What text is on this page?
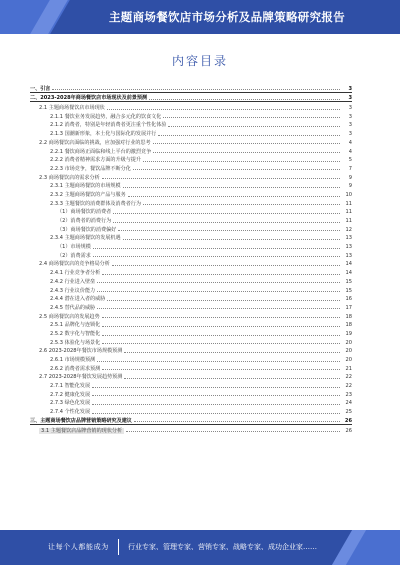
主题商场餐饮店市场分析及品牌策略研究报告
内容目录
一、引言	3
二、2023-2028年商场餐饮店市场现状及前景预测	3
2.1 主题商场餐饮店市场现状	3
2.1.1 餐饮业务发展趋势，融合多元化的饮食文化	3
2.1.2 消费者，特别是年轻消费者更注重个性化体验	3
2.1.3 国潮新形象，本土化与国际化的发展并行	3
2.2 商场餐饮店面临的挑战，应加强对行业的思考	4
2.2.1 餐饮商场正面临和线上平台的激烈竞争	4
2.2.2 消费者精神需求方面的升级与提升	5
2.2.3 市场竞争，餐饮品牌不断分化	7
2.3 商场餐饮店的需求分析	9
2.3.1 主题商场餐饮的市场规模	9
2.3.2 主题商场餐饮的产品与服务	10
2.3.3 主题餐饮的消费群体及消费者行为	11
（1）商场餐饮的消费者	11
（2）消费者的消费行为	11
（3）商场餐饮的消费偏好	12
2.3.4 主题商场餐饮的发展机遇	13
（1）市场规模	13
（2）消费需求	13
2.4 商场餐饮店的竞争格局分析	14
2.4.1 行业竞争者分析	14
2.4.2 行业进入壁垒	15
2.4.3 行业议价能力	15
2.4.4 潜在进入者的威胁	16
2.4.5 替代品的威胁	17
2.5 商场餐饮店的发展趋势	18
2.5.1 品牌化与连锁化	18
2.5.2 数字化与智能化	19
2.5.3 体验化与场景化	20
2.6 2023-2028年餐饮市场规模预测	20
2.6.1 市场规模预测	20
2.6.2 消费者需求预测	21
2.7 2023-2028年餐饮发展趋势预测	22
2.7.1 智能化发展	22
2.7.2 健康化发展	23
2.7.3 绿色化发展	24
2.7.4 个性化发展	25
三、主题商场餐饮店品牌营销策略研究及建议	26
3.1 主题餐饮店品牌营销的现状分析	26
让每个人都能成为	行业专家、管理专家、营销专家、战略专家、成功企业家……
